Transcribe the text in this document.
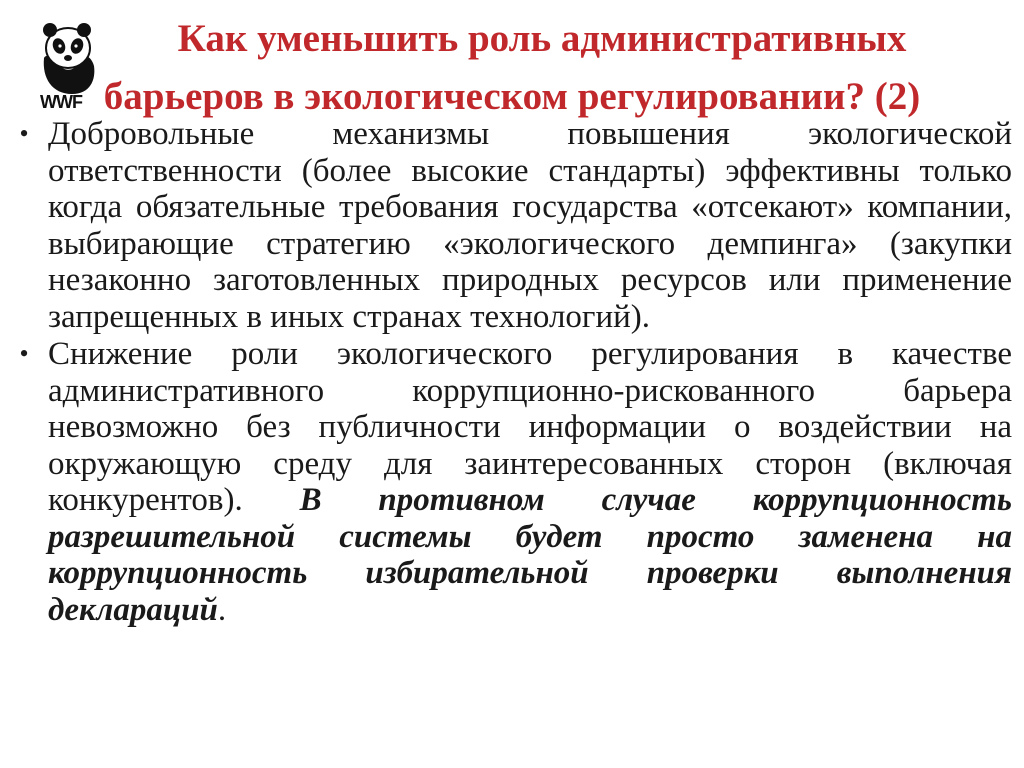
WWF
Как уменьшить роль административных
барьеров в экологическом регулировании? (2)
• Добровольные механизмы повышения экологической ответственности (более высокие стандарты) эффективны только когда обязательные требования государства «отсекают» компании, выбирающие стратегию «экологического демпинга» (закупки незаконно заготовленных природных ресурсов или применение запрещенных в иных странах технологий).
• Снижение роли экологического регулирования в качестве административного коррупционно-рискованного барьера невозможно без публичности информации о воздействии на окружающую среду для заинтересованных сторон (включая конкурентов). В противном случае коррупционность разрешительной системы будет просто заменена на коррупционность избирательной проверки выполнения деклараций.
